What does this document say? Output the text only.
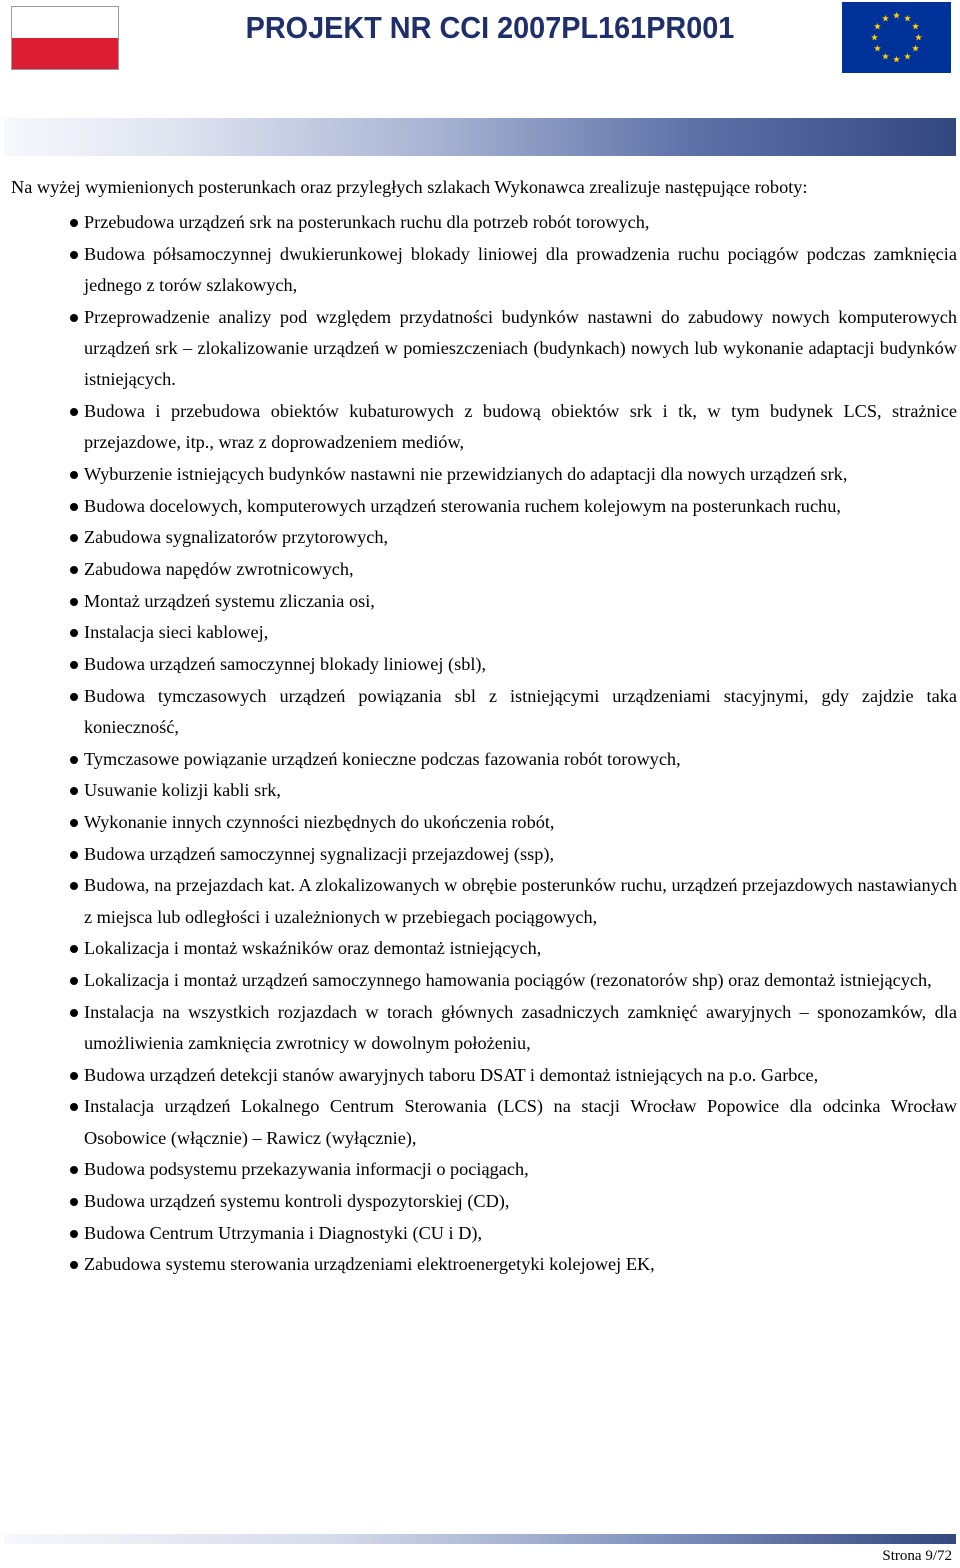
PROJEKT NR CCI 2007PL161PR001

Na wyżej wymienionych posterunkach oraz przyległych szlakach Wykonawca zrealizuje następujące roboty:

Przebudowa urządzeń srk na posterunkach ruchu dla potrzeb robót torowych,
Budowa półsamoczynnej dwukierunkowej blokady liniowej dla prowadzenia ruchu pociągów podczas zamknięcia jednego z torów szlakowych,
Przeprowadzenie analizy pod względem przydatności budynków nastawni do zabudowy nowych komputerowych urządzeń srk – zlokalizowanie urządzeń w pomieszczeniach (budynkach) nowych lub wykonanie adaptacji budynków istniejących.
Budowa i przebudowa obiektów kubaturowych z budową obiektów srk i tk, w tym budynek LCS, strażnice przejazdowe, itp., wraz z doprowadzeniem mediów,
Wyburzenie istniejących budynków nastawni nie przewidzianych do adaptacji dla nowych urządzeń srk,
Budowa docelowych, komputerowych urządzeń sterowania ruchem kolejowym na posterunkach ruchu,
Zabudowa sygnalizatorów przytorowych,
Zabudowa napędów zwrotnicowych,
Montaż urządzeń systemu zliczania osi,
Instalacja sieci kablowej,
Budowa urządzeń samoczynnej blokady liniowej (sbl),
Budowa tymczasowych urządzeń powiązania sbl z istniejącymi urządzeniami stacyjnymi, gdy zajdzie taka konieczność,
Tymczasowe powiązanie urządzeń konieczne podczas fazowania robót torowych,
Usuwanie kolizji kabli srk,
Wykonanie innych czynności niezbędnych do ukończenia robót,
Budowa urządzeń samoczynnej sygnalizacji przejazdowej (ssp),
Budowa, na przejazdach kat. A zlokalizowanych w obrębie posterunków ruchu, urządzeń przejazdowych nastawianych z miejsca lub odległości i uzależnionych w przebiegach pociągowych,
Lokalizacja i montaż wskaźników oraz demontaż istniejących,
Lokalizacja i montaż urządzeń samoczynnego hamowania pociągów (rezonatorów shp) oraz demontaż istniejących,
Instalacja na wszystkich rozjazdach w torach głównych zasadniczych zamknięć awaryjnych – sponozamków, dla umożliwienia zamknięcia zwrotnicy w dowolnym położeniu,
Budowa urządzeń detekcji stanów awaryjnych taboru DSAT i demontaż istniejących na p.o. Garbce,
Instalacja urządzeń Lokalnego Centrum Sterowania (LCS) na stacji Wrocław Popowice dla odcinka Wrocław Osobowice (włącznie) – Rawicz (wyłącznie),
Budowa podsystemu przekazywania informacji o pociągach,
Budowa urządzeń systemu kontroli dyspozytorskiej (CD),
Budowa Centrum Utrzymania i Diagnostyki (CU i D),
Zabudowa systemu sterowania urządzeniami elektroenergetyki kolejowej EK,
Strona 9/72
